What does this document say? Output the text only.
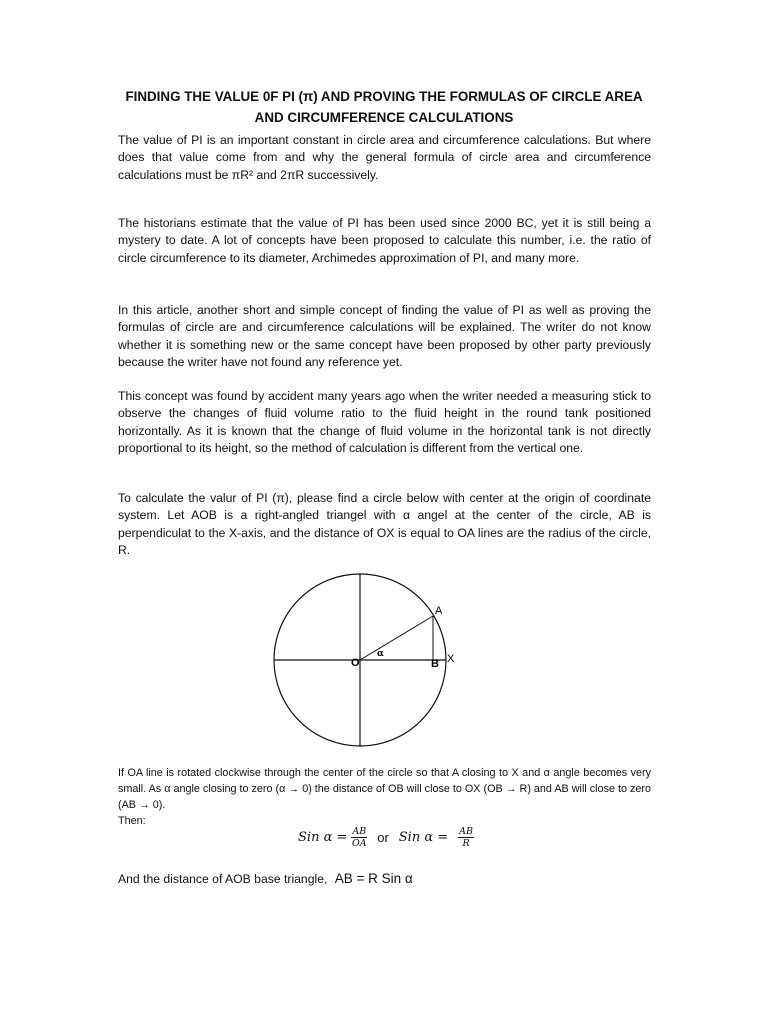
FINDING THE VALUE 0F PI (π) AND PROVING THE FORMULAS OF CIRCLE AREA
AND CIRCUMFERENCE CALCULATIONS

The value of PI is an important constant in circle area and circumference calculations. But where does that value come from and why the general formula of circle area and circumference calculations must be πR² and 2πR successively.

The historians estimate that the value of PI has been used since 2000 BC, yet it is still being a mystery to date. A lot of concepts have been proposed to calculate this number, i.e. the ratio of circle circumference to its diameter, Archimedes approximation of PI, and many more.

In this article, another short and simple concept of finding the value of PI as well as proving the formulas of circle are and circumference calculations will be explained. The writer do not know whether it is something new or the same concept have been proposed by other party previously because the writer have not found any reference yet.

This concept was found by accident many years ago when the writer needed a measuring stick to observe the changes of fluid volume ratio to the fluid height in the round tank positioned horizontally. As it is known that the change of fluid volume in the horizontal tank is not directly proportional to its height, so the method of calculation is different from the vertical one.

To calculate the valur of PI (π), please find a circle below with center at the origin of coordinate system. Let AOB is a right-angled triangel with α angel at the center of the circle, AB is perpendiculat to the X-axis, and the distance of OX is equal to OA lines are the radius of the circle, R.

O
A
B X
α

If OA line is rotated clockwise through the center of the circle so that A closing to X and α angle becomes very small. As α angle closing to zero (α → 0) the distance of OB will close to OX (OB → R) and AB will close to zero (AB → 0).
Then:

Sin $\alpha = \frac{AB}{OA}$ or Sin $\alpha = \frac{AB}{R}$
And the distance of AOB base triangle, AB = R Sin α
